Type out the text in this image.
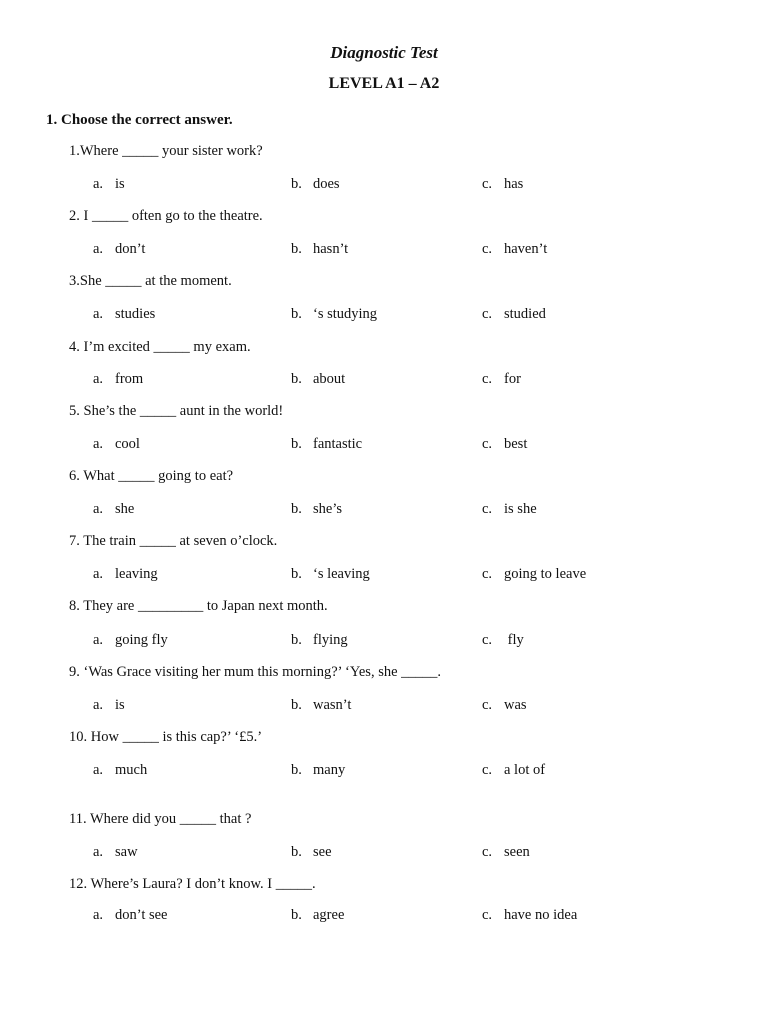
Diagnostic Test
LEVEL A1 – A2
1. Choose the correct answer.
1.Where _____ your sister work?
a. is	b. does	c. has
2. I _____ often go to the theatre.
a. don’t	b. hasn’t	c. haven’t
3.She _____ at the moment.
a. studies	b. ‘s studying	c. studied
4. I’m excited _____ my exam.
a. from	b. about	c. for
5. She’s the _____ aunt in the world!
a. cool	b. fantastic	c. best
6. What _____ going to eat?
a. she	b. she’s	c. is she
7. The train _____ at seven o’clock.
a. leaving	b. ‘s leaving	c. going to leave
8. They are _________ to Japan next month.
a. going fly	b. flying	c. fly
9. ‘Was Grace visiting her mum this morning?’ ‘Yes, she _____.
a. is	b. wasn’t	c. was
10. How _____ is this cap?’ ‘£5.’
a. much	b. many	c. a lot of
11. Where did you _____ that ?
a. saw	b. see	c. seen
12. Where’s Laura? I don’t know. I _____.
a. don’t see	b. agree	c. have no idea
